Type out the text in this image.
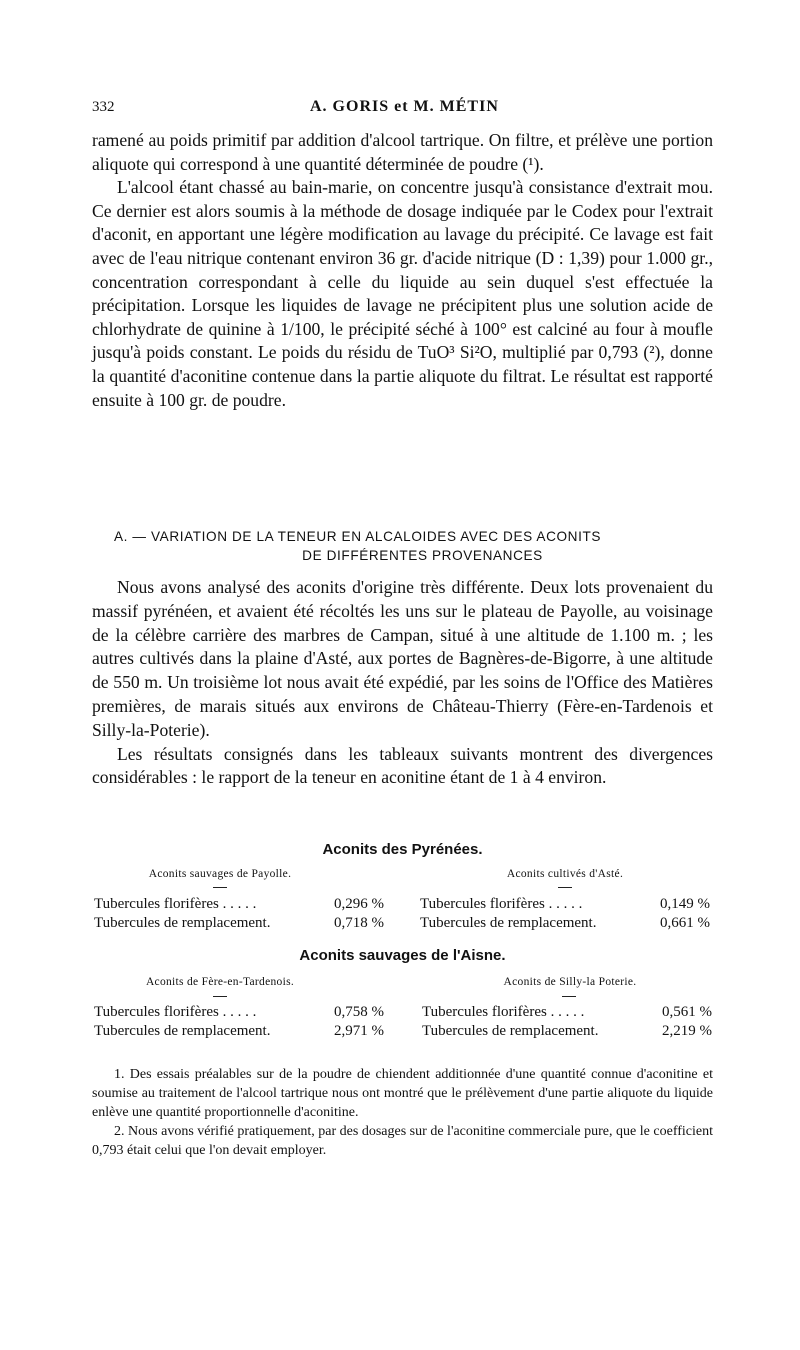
332	A. GORIS et M. MÉTIN

ramené au poids primitif par addition d'alcool tartrique. On filtre, et prélève une portion aliquote qui correspond à une quantité déterminée de poudre (¹).

L'alcool étant chassé au bain-marie, on concentre jusqu'à consistance d'extrait mou. Ce dernier est alors soumis à la méthode de dosage indiquée par le Codex pour l'extrait d'aconit, en apportant une légère modification au lavage du précipité. Ce lavage est fait avec de l'eau nitrique contenant environ 36 gr. d'acide nitrique (D : 1,39) pour 1.000 gr., concentration correspondant à celle du liquide au sein duquel s'est effectuée la précipitation. Lorsque les liquides de lavage ne précipitent plus une solution acide de chlorhydrate de quinine à 1/100, le précipité séché à 100° est calciné au four à moufle jusqu'à poids constant. Le poids du résidu de TuO³ Si²O, multiplié par 0,793 (²), donne la quantité d'aconitine contenue dans la partie aliquote du filtrat. Le résultat est rapporté ensuite à 100 gr. de poudre.

A. — VARIATION DE LA TENEUR EN ALCALOIDES AVEC DES ACONITS
DE DIFFÉRENTES PROVENANCES

Nous avons analysé des aconits d'origine très différente. Deux lots provenaient du massif pyrénéen, et avaient été récoltés les uns sur le plateau de Payolle, au voisinage de la célèbre carrière des marbres de Campan, situé à une altitude de 1.100 m. ; les autres cultivés dans la plaine d'Asté, aux portes de Bagnères-de-Bigorre, à une altitude de 550 m. Un troisième lot nous avait été expédié, par les soins de l'Office des Matières premières, de marais situés aux environs de Château-Thierry (Fère-en-Tardenois et Silly-la-Poterie).

Les résultats consignés dans les tableaux suivants montrent des divergences considérables : le rapport de la teneur en aconitine étant de 1 à 4 environ.

Aconits des Pyrénées.
Aconits sauvages de Payolle.	Aconits cultivés d'Asté.
Tubercules florifères . . . . .	0,296 %
Tubercules de remplacement.	0,718 %
Tubercules florifères . . . . .	0,149 %
Tubercules de remplacement.	0,661 %
Aconits sauvages de l'Aisne.
Aconits de Fère-en-Tardenois.	Aconits de Silly-la Poterie.
Tubercules florifères . . . . .	0,758 %
Tubercules de remplacement.	2,971 %
Tubercules florifères . . . . .	0,561 %
Tubercules de remplacement.	2,219 %

1. Des essais préalables sur de la poudre de chiendent additionnée d'une quantité connue d'aconitine et soumise au traitement de l'alcool tartrique nous ont montré que le prélèvement d'une partie aliquote du liquide enlève une quantité proportionnelle d'aconitine.

2. Nous avons vérifié pratiquement, par des dosages sur de l'aconitine commerciale pure, que le coefficient 0,793 était celui que l'on devait employer.
